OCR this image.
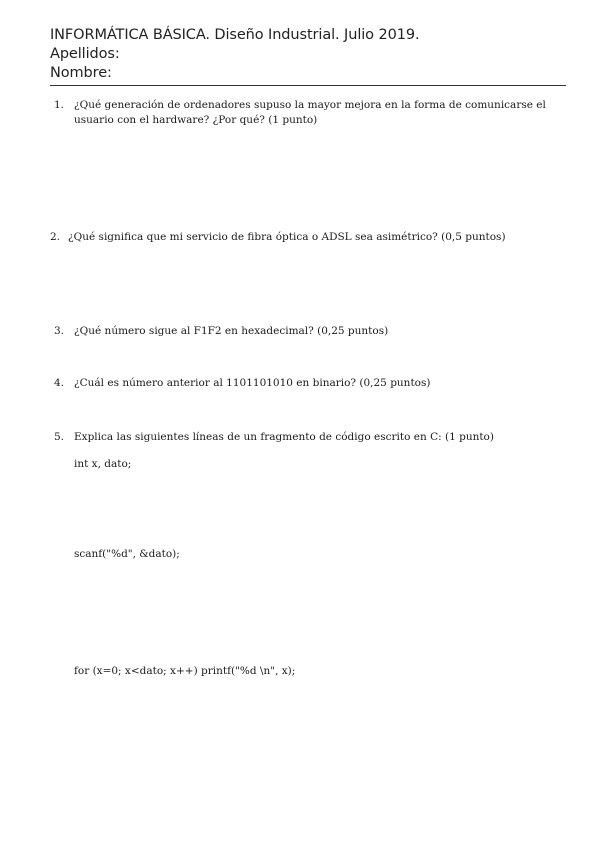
INFORMÁTICA BÁSICA. Diseño Industrial. Julio 2019.
Apellidos:
Nombre:
1. ¿Qué generación de ordenadores supuso la mayor mejora en la forma de comunicarse el usuario con el hardware? ¿Por qué? (1 punto)
2. ¿Qué significa que mi servicio de fibra óptica o ADSL sea asimétrico? (0,5 puntos)
3. ¿Qué número sigue al F1F2 en hexadecimal? (0,25 puntos)
4. ¿Cuál es número anterior al 1101101010 en binario? (0,25 puntos)
5. Explica las siguientes líneas de un fragmento de código escrito en C: (1 punto)
int x, dato;
scanf("%d", &dato);
for (x=0; x<dato; x++) printf("%d \n", x);
